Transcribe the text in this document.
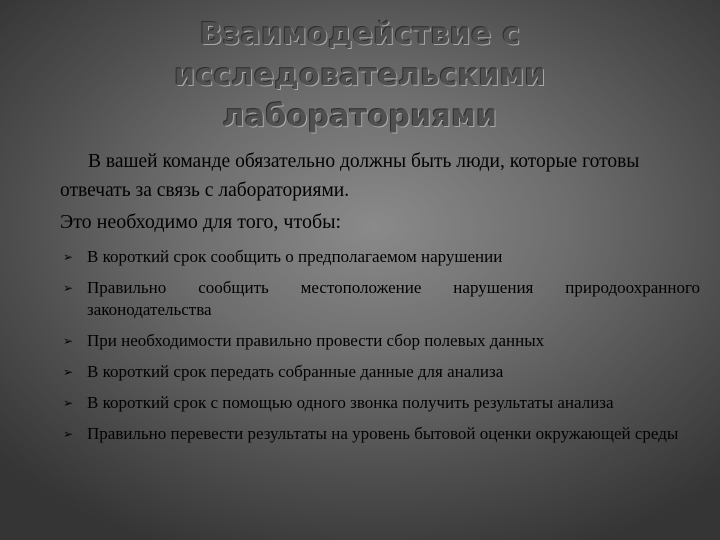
Взаимодействие с
исследовательскими
лабораториями

В вашей команде обязательно должны быть люди, которые готовы отвечать за связь с лабораториями.

Это необходимо для того, чтобы:

➢ В короткий срок сообщить о предполагаемом нарушении
➢ Правильно сообщить местоположение нарушения природоохранного законодательства
➢ При необходимости правильно провести сбор полевых данных
➢ В короткий срок передать собранные данные для анализа
➢ В короткий срок с помощью одного звонка получить результаты анализа
➢ Правильно перевести результаты на уровень бытовой оценки окружающей среды
